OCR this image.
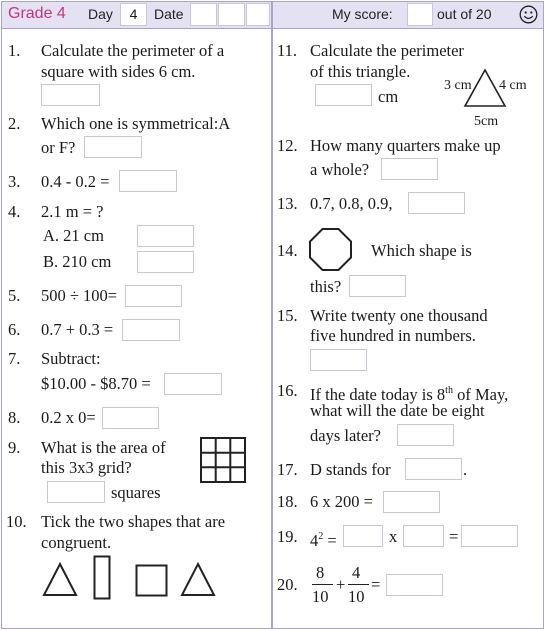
Grade 4 Day	4	Date	My score:	out of 20
1. Calculate the perimeter of a
square with sides 6 cm.
2. Which one is symmetrical:A
or F?
3. 0.4 - 0.2 =
4. 2.1 m = ?
A. 21 cm
B. 210 cm
5. 500 ÷ 100=
6. 0.7 + 0.3 =
7. Subtract:
$10.00 - $8.70 =
8. 0.2 x 0=
9. What is the area of
this 3x3 grid?
squares
10. Tick the two shapes that are
congruent.
11. Calculate the perimeter
of this triangle.
cm
3 cm 4 cm
5cm
12. How many quarters make up
a whole?
13. 0.7, 0.8, 0.9,
14.	Which shape is
this?
15. Write twenty one thousand
five hundred in numbers.
16. If the date today is 8th of May,
what will the date be eight
days later?
17. D stands for	.
18. 6 x 200 =
19. $4^2$ =	x	=
20.
8
10
+
4
10
=
